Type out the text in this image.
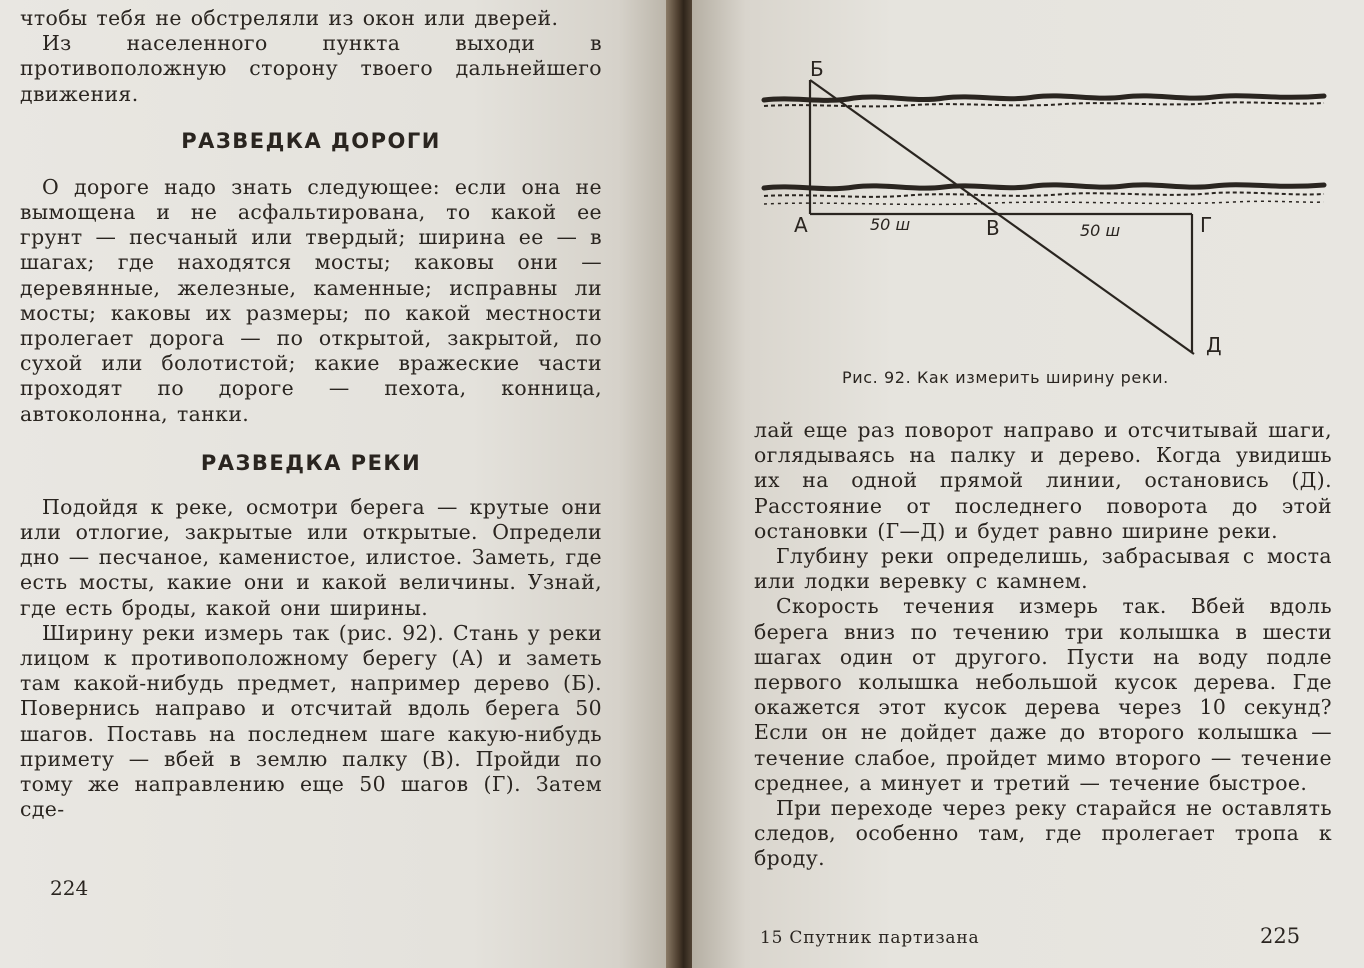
чтобы тебя не обстреляли из окон или дверей.

Из населенного пункта выходи в противоположную сторону твоего дальнейшего движения.

РАЗВЕДКА ДОРОГИ

О дороге надо знать следующее: если она не вымощена и не асфальтирована, то какой ее грунт — песчаный или твердый; ширина ее — в шагах; где находятся мосты; каковы они — деревянные, железные, каменные; исправны ли мосты; каковы их размеры; по какой местности пролегает дорога — по открытой, закрытой, по сухой или болотистой; какие вражеские части проходят по дороге — пехота, конница, автоколонна, танки.

РАЗВЕДКА РЕКИ

Подойдя к реке, осмотри берега — крутые они или отлогие, закрытые или открытые. Определи дно — песчаное, каменистое, илистое. Заметь, где есть мосты, какие они и какой величины. Узнай, где есть броды, какой они ширины.

Ширину реки измерь так (рис. 92). Стань у реки лицом к противоположному берегу (А) и заметь там какой-нибудь предмет, например дерево (Б). Повернись направо и отсчитай вдоль берега 50 шагов. Поставь на последнем шаге какую-нибудь примету — вбей в землю палку (В). Пройди по тому же направлению еще 50 шагов (Г). Затем сде-

224
Б
А	50 ш	В	50 ш	Г
Д
Рис. 92. Как измерить ширину реки.

лай еще раз поворот направо и отсчитывай шаги, оглядываясь на палку и дерево. Когда увидишь их на одной прямой линии, остановись (Д). Расстояние от последнего поворота до этой остановки (Г—Д) и будет равно ширине реки.

Глубину реки определишь, забрасывая с моста или лодки веревку с камнем.

Скорость течения измерь так. Вбей вдоль берега вниз по течению три колышка в шести шагах один от другого. Пусти на воду подле первого колышка небольшой кусок дерева. Где окажется этот кусок дерева через 10 секунд? Если он не дойдет даже до второго колышка — течение слабое, пройдет мимо второго — течение среднее, а минует и третий — течение быстрое.

При переходе через реку старайся не оставлять следов, особенно там, где пролегает тропа к броду.

15 Спутник партизана	225
